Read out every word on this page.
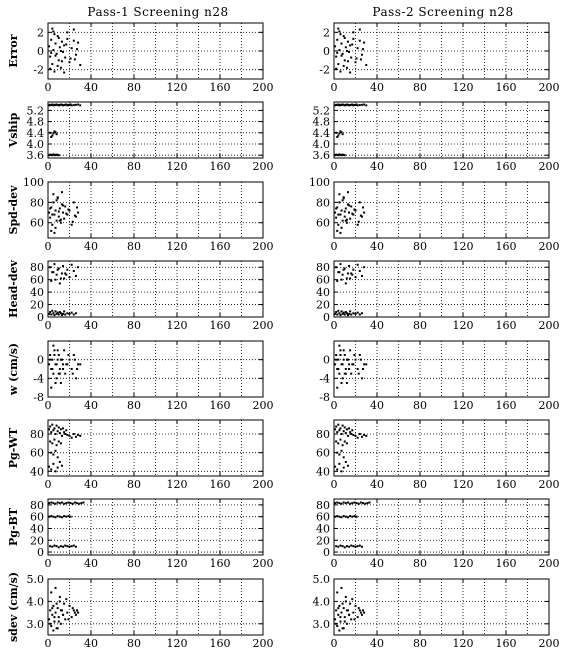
Pass-1 Screening n28	Pass-2 Screening n28
Error
0	40	80 120 160 200
-2
0
2
0	40	80 120 160 200
-2
0
2
Vship
0	40	80 120 160 200
3.6
4.0
4.4
4.8
5.2
0	40	80 120 160 200
3.6
4.0
4.4
4.8
5.2
Spd-dev
0	40	80 120 160 200
60
80
100
0	40	80 120 160 200
60
80
100
Head-dev
0	40	80 120 160 200
0
20
40
60
80
0	40	80 120 160 200
0
20
40
60
80
w (cm/s)
0	40	80 120 160 200
-8
-4
0
0	40	80 120 160 200
-8
-4
0
Pg-WT
0	40	80 120 160 200
40
60
80
0	40	80 120 160 200
40
60
80
Pg-BT
0	40	80 120 160 200
0
20
40
60
80
0	40	80 120 160 200
0
20
40
60
80
sdev (cm/s)
0	40	80 120 160 200
3.0
4.0
5.0
0	40	80 120 160 200
3.0
4.0
5.0
